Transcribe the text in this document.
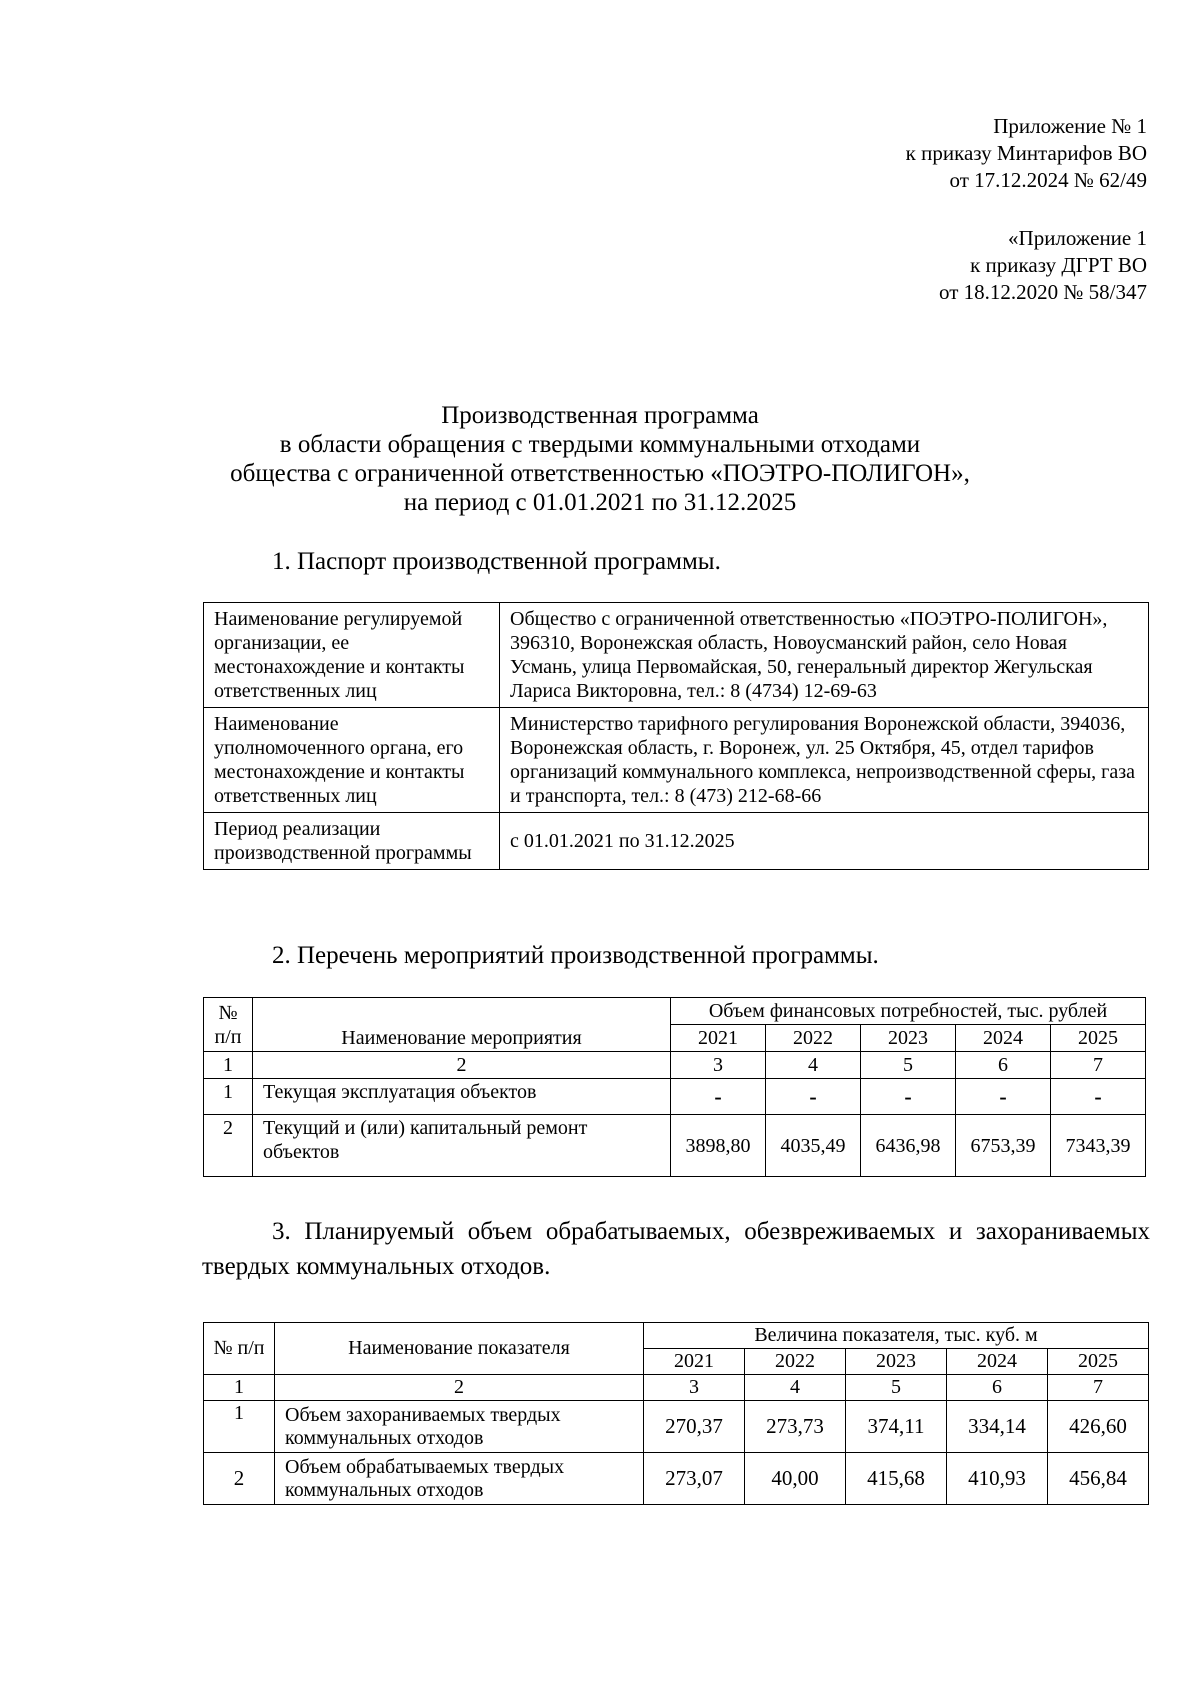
Приложение № 1
к приказу Минтарифов ВО
от 17.12.2024 № 62/49
«Приложение 1
к приказу ДГРТ ВО
от 18.12.2020 № 58/347
Производственная программа
в области обращения с твердыми коммунальными отходами
общества с ограниченной ответственностью «ПОЭТРО-ПОЛИГОН»,
на период с 01.01.2021 по 31.12.2025
1. Паспорт производственной программы.
Наименование регулируемой организации, ее местонахождение и контакты ответственных лиц	Общество с ограниченной ответственностью «ПОЭТРО-ПОЛИГОН», 396310, Воронежская область, Новоусманский район, село Новая Усмань, улица Первомайская, 50, генеральный директор Жегульская Лариса Викторовна, тел.: 8 (4734) 12-69-63
Наименование уполномоченного органа, его местонахождение и контакты ответственных лиц	Министерство тарифного регулирования Воронежской области, 394036, Воронежская область, г. Воронеж, ул. 25 Октября, 45, отдел тарифов организаций коммунального комплекса, непроизводственной сферы, газа и транспорта, тел.: 8 (473) 212-68-66
Период реализации производственной программы	с 01.01.2021 по 31.12.2025
2. Перечень мероприятий производственной программы.
№ п/п	Наименование мероприятия	Объем финансовых потребностей, тыс. рублей				
		2021	2022	2023	2024	2025
1	2	3	4	5	6	7
1	Текущая эксплуатация объектов	-	-	-	-	-
2	Текущий и (или) капитальный ремонт объектов	3898,80	4035,49	6436,98	6753,39	7343,39
3. Планируемый объем обрабатываемых, обезвреживаемых и захораниваемых твердых коммунальных отходов.
№ п/п	Наименование показателя	Величина показателя, тыс. куб. м				
		2021	2022	2023	2024	2025
1	2	3	4	5	6	7
1	Объем захораниваемых твердых коммунальных отходов	270,37	273,73	374,11	334,14	426,60
2	Объем обрабатываемых твердых коммунальных отходов	273,07	40,00	415,68	410,93	456,84
